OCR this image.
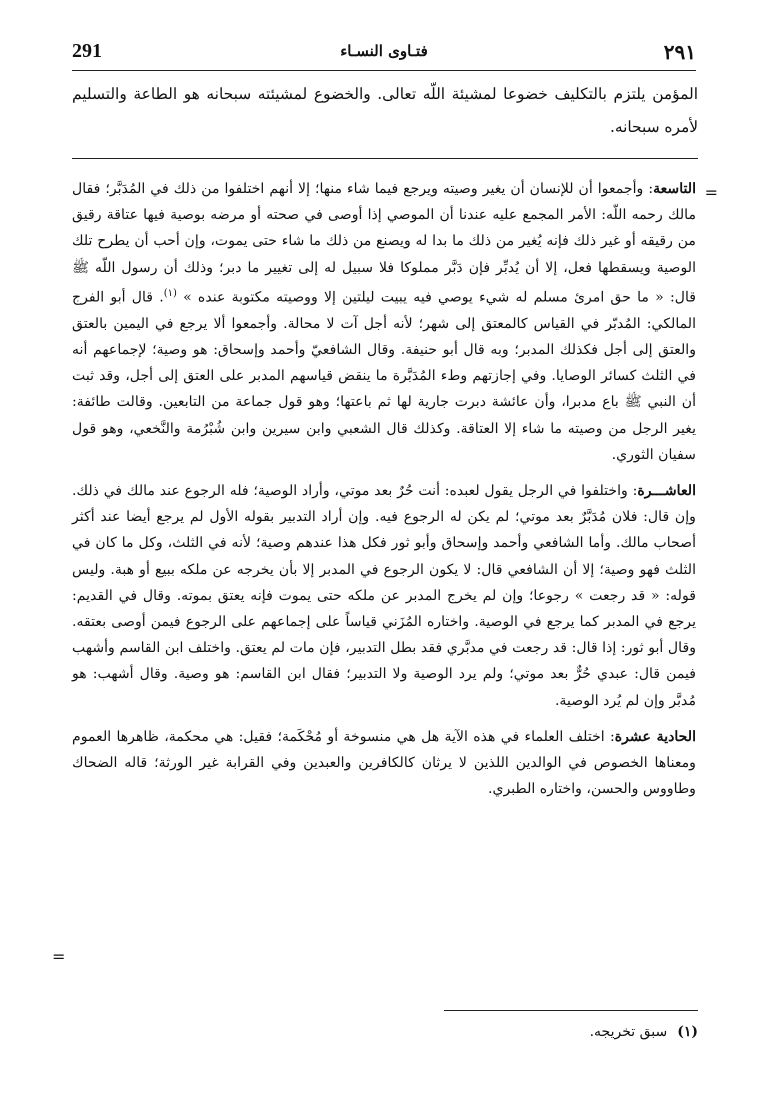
291	فتـاوى النسـاء	٢٩١
المؤمن يلتزم بالتكليف خضوعا لمشيئة اللّه تعالى. والخضوع لمشيئته سبحانه هو الطاعة والتسليم لأمره سبحانه.
=

التاسعة: وأجمعوا أن للإنسان أن يغير وصيته ويرجع فيما شاء منها؛ إلا أنهم اختلفوا من ذلك في المُدَبَّر؛ فقال مالك رحمه اللّه: الأمر المجمع عليه عندنا أن الموصي إذا أوصى في صحته أو مرضه بوصية فيها عتاقة رقيق من رقيقه أو غير ذلك فإنه يُغير من ذلك ما بدا له ويصنع من ذلك ما شاء حتى يموت، وإن أحب أن يطرح تلك الوصية ويسقطها فعل، إلا أن يُدبِّر فإن دَبَّر مملوكا فلا سبيل له إلى تغيير ما دبر؛ وذلك أن رسول اللّه ﷺ قال: « ما حق امرئ مسلم له شيء يوصي فيه يبيت ليلتين إلا ووصيته مكتوبة عنده » $^{(١)}$. قال أبو الفرج المالكي: المُدبّر في القياس كالمعتق إلى شهر؛ لأنه أجل آت لا محالة. وأجمعوا ألا يرجع في اليمين بالعتق والعتق إلى أجل فكذلك المدبر؛ وبه قال أبو حنيفة. وقال الشافعيّ وأحمد وإسحاق: هو وصية؛ لإجماعهم أنه في الثلث كسائر الوصايا. وفي إجازتهم وطء المُدَبَّرة ما ينقض قياسهم المدبر على العتق إلى أجل، وقد ثبت أن النبي ﷺ باع مدبرا، وأن عائشة دبرت جارية لها ثم باعتها؛ وهو قول جماعة من التابعين. وقالت طائفة: يغير الرجل من وصيته ما شاء إلا العتاقة. وكذلك قال الشعبي وابن سيرين وابن شُبْرُمة والنَّخعي، وهو قول سفيان الثوري.

العاشـــرة: واختلفوا في الرجل يقول لعبده: أنت حُرٌ بعد موتي، وأراد الوصية؛ فله الرجوع عند مالك في ذلك. وإن قال: فلان مُدَبَّرٌ بعد موتي؛ لم يكن له الرجوع فيه. وإن أراد التدبير بقوله الأول لم يرجع أيضا عند أكثر أصحاب مالك. وأما الشافعي وأحمد وإسحاق وأبو ثور فكل هذا عندهم وصية؛ لأنه في الثلث، وكل ما كان في الثلث فهو وصية؛ إلا أن الشافعي قال: لا يكون الرجوع في المدبر إلا بأن يخرجه عن ملكه ببيع أو هبة. وليس قوله: « قد رجعت » رجوعا؛ وإن لم يخرج المدبر عن ملكه حتى يموت فإنه يعتق بموته. وقال في القديم: يرجع في المدبر كما يرجع في الوصية. واختاره المُزَني قياساً على إجماعهم على الرجوع فيمن أوصى بعتقه. وقال أبو ثور: إذا قال: قد رجعت في مدبَّري فقد بطل التدبير، فإن مات لم يعتق. واختلف ابن القاسم وأشهب فيمن قال: عبدي حُرٌّ بعد موتي؛ ولم يرد الوصية ولا التدبير؛ فقال ابن القاسم: هو وصية. وقال أشهب: هو مُدبَّر وإن لم يُرد الوصية.

الحادية عشرة: اختلف العلماء في هذه الآية هل هي منسوخة أو مُحْكَمة؛ فقيل: هي محكمة، ظاهرها العموم ومعناها الخصوص في الوالدين اللذين لا يرثان كالكافرين والعبدين وفي القرابة غير الورثة؛ قاله الضحاك وطاووس والحسن، واختاره الطبري.

=
(١)سبق تخريجه.
